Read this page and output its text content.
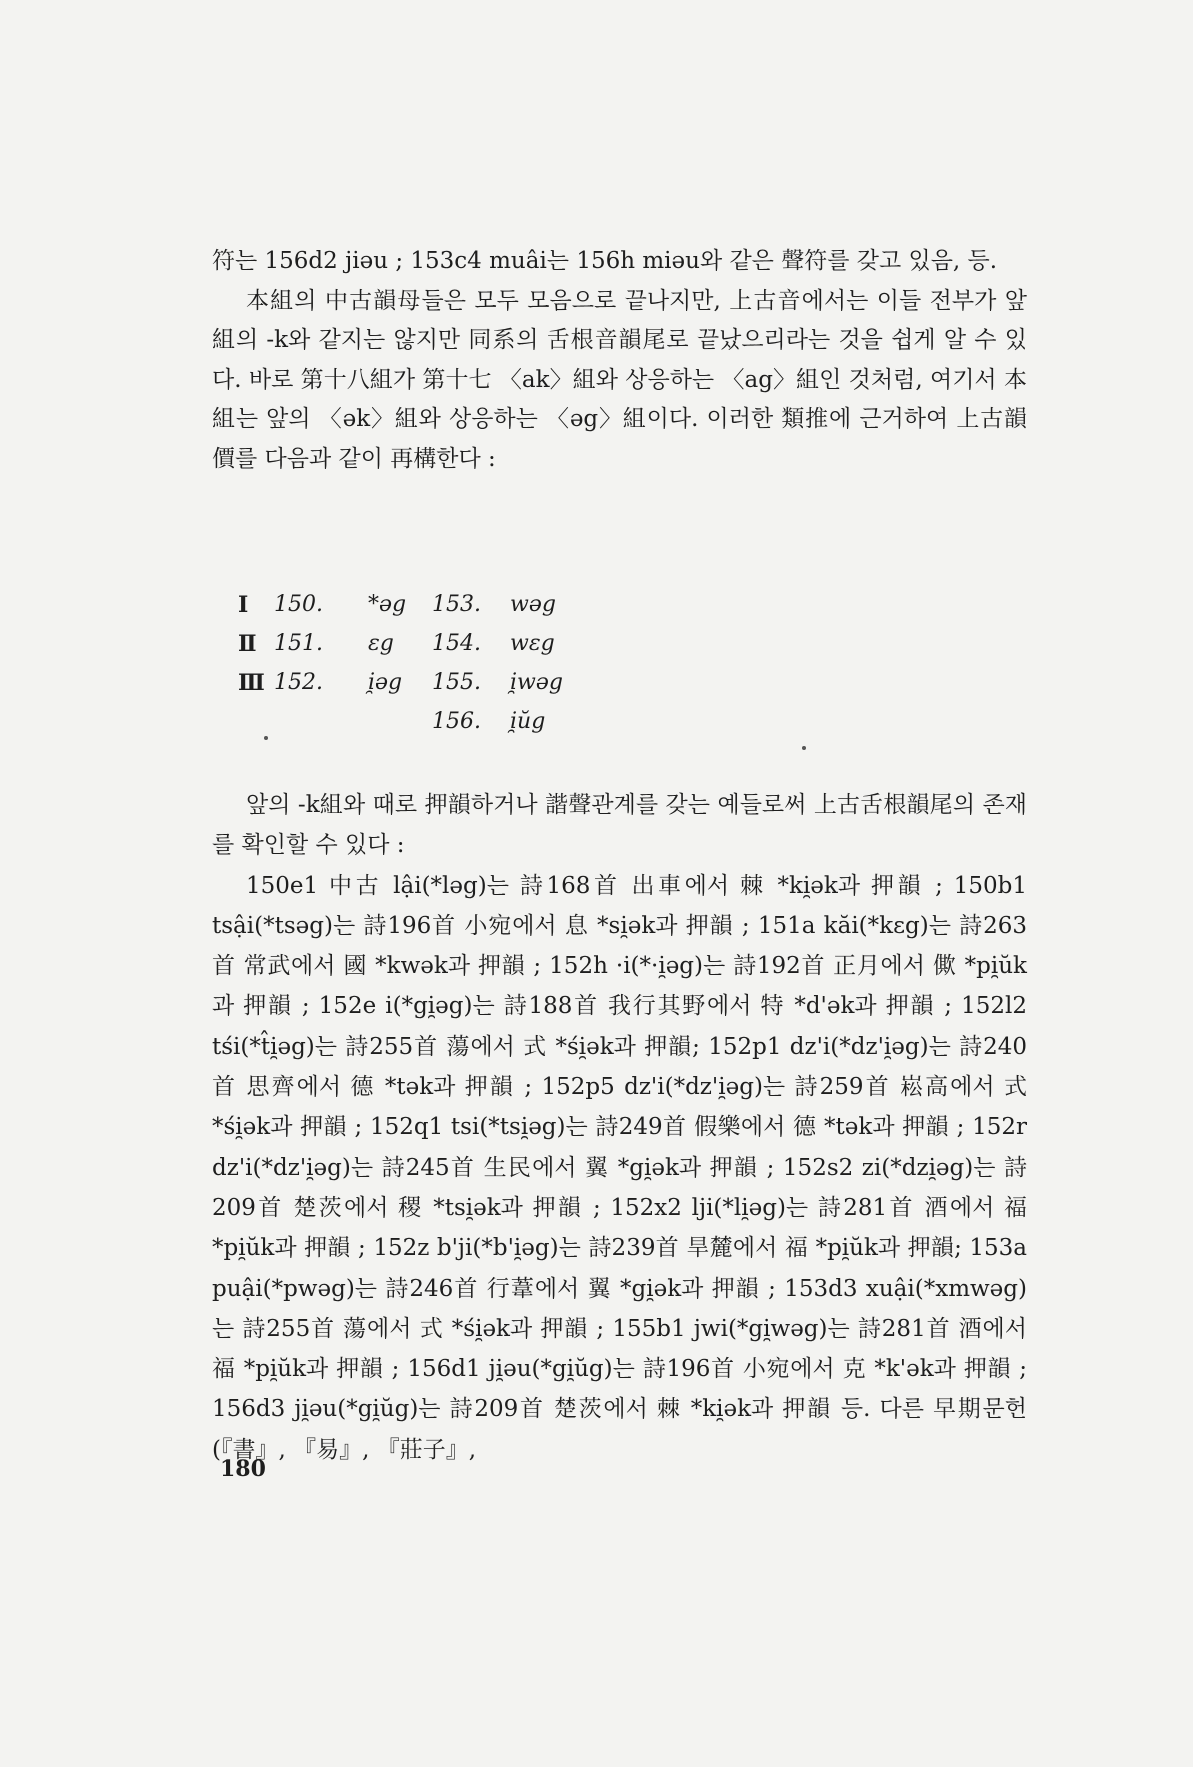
符는 156d2 jiəu ; 153c4 muâi는 156h miəu와 같은 聲符를 갖고 있음, 등.

本組의 中古韻母들은 모두 모음으로 끝나지만, 上古音에서는 이들 전부가 앞 組의 -k와 같지는 않지만 同系의 舌根音韻尾로 끝났으리라는 것을 쉽게 알 수 있다. 바로 第十八組가 第十七 〈ak〉組와 상응하는 〈ag〉組인 것처럼, 여기서 本組는 앞의 〈ək〉組와 상응하는 〈əg〉組이다. 이러한 類推에 근거하여 上古韻價를 다음과 같이 再構한다 :

Ⅰ 150. *əg 153. wəg
Ⅱ 151. ɛg 154. wɛg
Ⅲ 152. i̯əg 155. i̯wəg
156. i̯ŭg

앞의 -k組와 때로 押韻하거나 諧聲관계를 갖는 예들로써 上古舌根韻尾의 존재를 확인할 수 있다 :

150e1 中古 lậi(*ləg)는 詩168首 出車에서 棘 *ki̯ək과 押韻 ; 150b1 tsậi(*tsəg)는 詩196首 小宛에서 息 *si̯ək과 押韻 ; 151a kăi(*kɛg)는 詩263首 常武에서 國 *kwək과 押韻 ; 152h ·i(*·i̯əg)는 詩192首 正月에서 僛 *pi̯ŭk과 押韻 ; 152e i(*gi̯əg)는 詩188首 我行其野에서 特 *d'ək과 押韻 ; 152l2 tśi(*t̂i̯əg)는 詩255首 蕩에서 式 *śi̯ək과 押韻; 152p1 dz'i(*dz'i̯əg)는 詩240首 思齊에서 德 *tək과 押韻 ; 152p5 dz'i(*dz'i̯əg)는 詩259首 崧高에서 式 *śi̯ək과 押韻 ; 152q1 tsi(*tsi̯əg)는 詩249首 假樂에서 德 *tək과 押韻 ; 152r dz'i(*dz'i̯əg)는 詩245首 生民에서 翼 *gi̯ək과 押韻 ; 152s2 zi(*dzi̯əg)는 詩209首 楚茨에서 稷 *tsi̯ək과 押韻 ; 152x2 lji(*li̯əg)는 詩281首 酒에서 福 *pi̯ŭk과 押韻 ; 152z b'ji(*b'i̯əg)는 詩239首 旱麓에서 福 *pi̯ŭk과 押韻; 153a puậi(*pwəg)는 詩246首 行葦에서 翼 *gi̯ək과 押韻 ; 153d3 xuậi(*xmwəg)는 詩255首 蕩에서 式 *śi̯ək과 押韻 ; 155b1 jwi(*gi̯wəg)는 詩281首 酒에서 福 *pi̯ŭk과 押韻 ; 156d1 ji̯əu(*gi̯ŭg)는 詩196首 小宛에서 克 *k'ək과 押韻 ; 156d3 ji̯əu(*gi̯ŭg)는 詩209首 楚茨에서 棘 *ki̯ək과 押韻 등. 다른 早期문헌(『書』, 『易』, 『莊子』,

180
